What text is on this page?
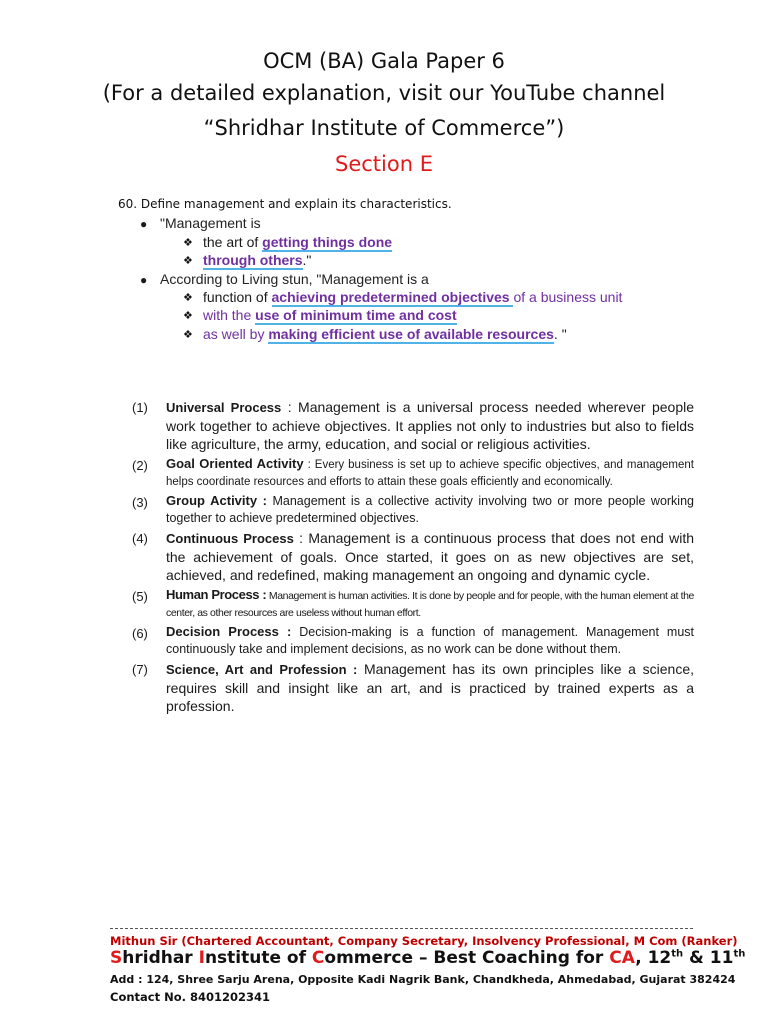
OCM (BA) Gala Paper 6
(For a detailed explanation, visit our YouTube channel
“Shridhar Institute of Commerce”)
Section E
60. Define management and explain its characteristics.
● "Management is
❖ the art of getting things done
❖ through others."
● According to Living stun, "Management is a
❖ function of achieving predetermined objectives of a business unit
❖ with the use of minimum time and cost
❖ as well by making efficient use of available resources. "
(1)	Universal Process : Management is a universal process needed wherever people work together to achieve objectives. It applies not only to industries but also to fields like agriculture, the army, education, and social or religious activities.
(2)	Goal Oriented Activity : Every business is set up to achieve specific objectives, and management helps coordinate resources and efforts to attain these goals efficiently and economically.
(3)	Group Activity : Management is a collective activity involving two or more people working together to achieve predetermined objectives.
(4)	Continuous Process : Management is a continuous process that does not end with the achievement of goals. Once started, it goes on as new objectives are set, achieved, and redefined, making management an ongoing and dynamic cycle.
(5)	Human Process : Management is human activities. It is done by people and for people, with the human element at the center, as other resources are useless without human effort.
(6)	Decision Process : Decision-making is a function of management. Management must continuously take and implement decisions, as no work can be done without them.
(7)	Science, Art and Profession : Management has its own principles like a science, requires skill and insight like an art, and is practiced by trained experts as a profession.
Mithun Sir (Chartered Accountant, Company Secretary, Insolvency Professional, M Com (Ranker)
Shridhar Institute of Commerce – Best Coaching for CA, 12th & 11th
Add : 124, Shree Sarju Arena, Opposite Kadi Nagrik Bank, Chandkheda, Ahmedabad, Gujarat 382424
Contact No. 8401202341
